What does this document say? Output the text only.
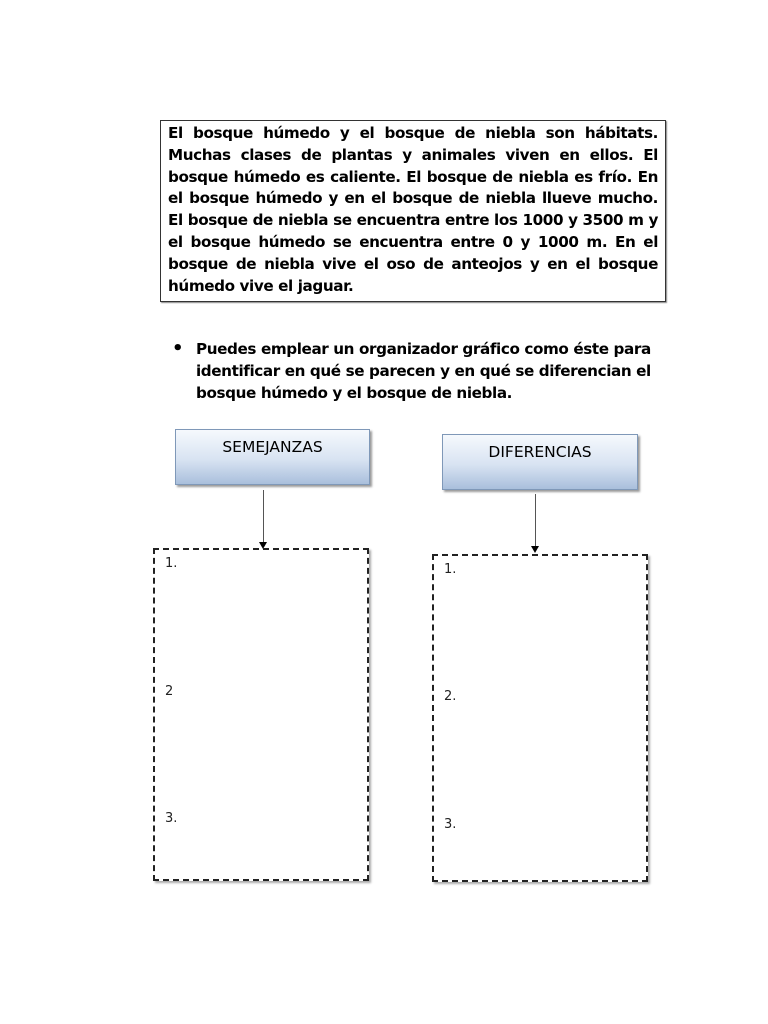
El bosque húmedo y el bosque de niebla son hábitats. Muchas clases de plantas y animales viven en ellos. El bosque húmedo es caliente. El bosque de niebla es frío. En el bosque húmedo y en el bosque de niebla llueve mucho. El bosque de niebla se encuentra entre los 1000 y 3500 m y el bosque húmedo se encuentra entre 0 y 1000 m. En el bosque de niebla vive el oso de anteojos y en el bosque húmedo vive el jaguar.
• Puedes emplear un organizador gráfico como éste para identificar en qué se parecen y en qué se diferencian el bosque húmedo y el bosque de niebla.
SEMEJANZAS	DIFERENCIAS
1.
2
3.
1.
2.
3.
